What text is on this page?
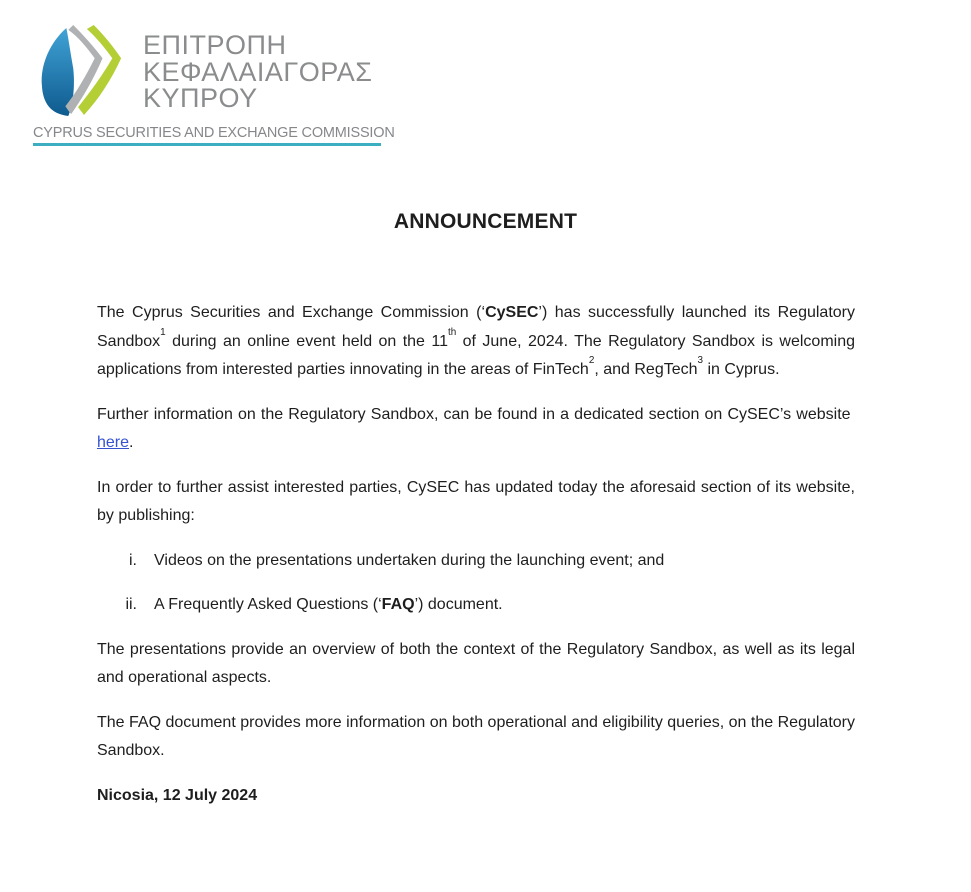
ΕΠΙΤΡΟΠΗ
ΚΕΦΑΛΑΙΑΓΟΡΑΣ
ΚΥΠΡΟΥ
CYPRUS SECURITIES AND EXCHANGE COMMISSION
ANNOUNCEMENT

The Cyprus Securities and Exchange Commission (‘CySEC’) has successfully launched its Regulatory Sandbox$^1$ during an online event held on the 11th of June, 2024. The Regulatory Sandbox is welcoming applications from interested parties innovating in the areas of FinTech$^2$, and RegTech$^3$ in Cyprus.

Further information on the Regulatory Sandbox, can be found in a dedicated section on CySEC’s website  here.

In order to further assist interested parties, CySEC has updated today the aforesaid section of its website, by publishing:

i. Videos on the presentations undertaken during the launching event; and
ii. A Frequently Asked Questions (‘FAQ’) document.

The presentations provide an overview of both the context of the Regulatory Sandbox, as well as its legal and operational aspects.

The FAQ document provides more information on both operational and eligibility queries, on the Regulatory Sandbox.

Nicosia, 12 July 2024
